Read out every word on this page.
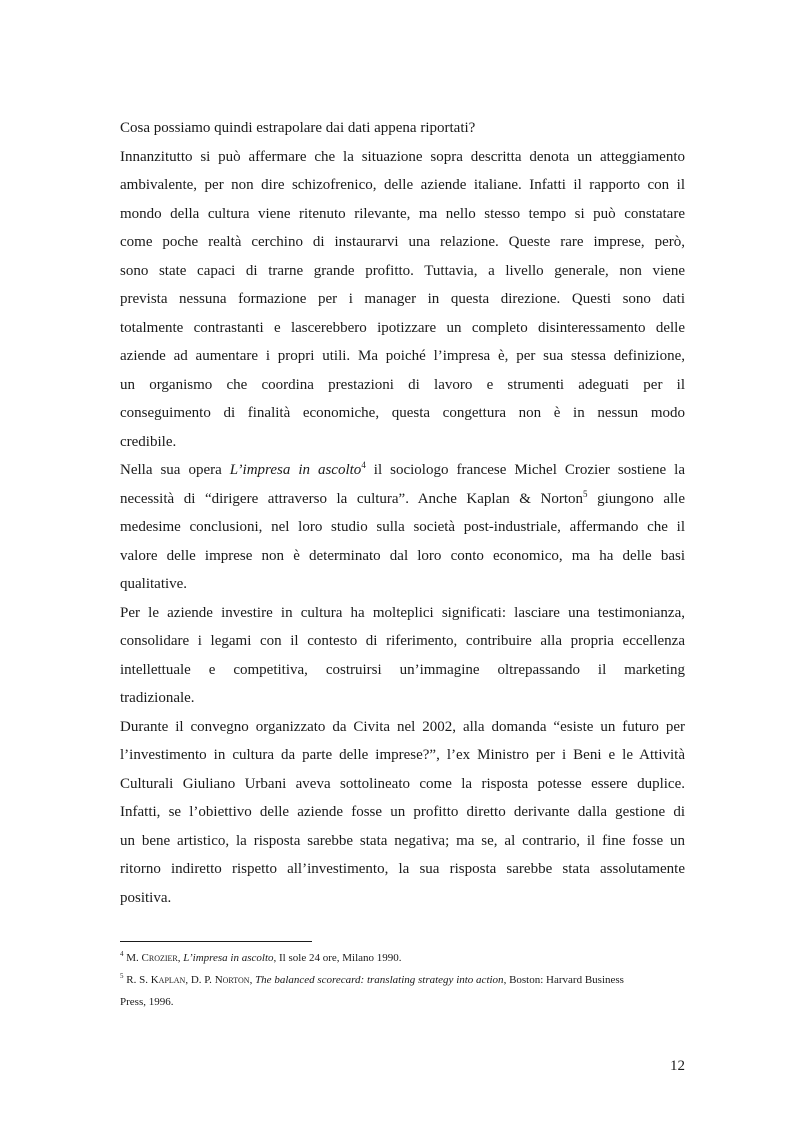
Cosa possiamo quindi estrapolare dai dati appena riportati?
Innanzitutto si può affermare che la situazione sopra descritta denota un atteggiamento
ambivalente, per non dire schizofrenico, delle aziende italiane. Infatti il rapporto con il
mondo della cultura viene ritenuto rilevante, ma nello stesso tempo si può constatare
come poche realtà cerchino di instaurarvi una relazione. Queste rare imprese, però,
sono state capaci di trarne grande profitto. Tuttavia, a livello generale, non viene
prevista nessuna formazione per i manager in questa direzione. Questi sono dati
totalmente contrastanti e lascerebbero ipotizzare un completo disinteressamento delle
aziende ad aumentare i propri utili. Ma poiché l’impresa è, per sua stessa definizione,
un organismo che coordina prestazioni di lavoro e strumenti adeguati per il
conseguimento di finalità economiche, questa congettura non è in nessun modo
credibile.
Nella sua opera L’impresa in ascolto$^4$ il sociologo francese Michel Crozier sostiene la
necessità di “dirigere attraverso la cultura”. Anche Kaplan & Norton$^5$ giungono alle
medesime conclusioni, nel loro studio sulla società post-industriale, affermando che il
valore delle imprese non è determinato dal loro conto economico, ma ha delle basi
qualitative.
Per le aziende investire in cultura ha molteplici significati: lasciare una testimonianza,
consolidare i legami con il contesto di riferimento, contribuire alla propria eccellenza
intellettuale e competitiva, costruirsi un’immagine oltrepassando il marketing
tradizionale.
Durante il convegno organizzato da Civita nel 2002, alla domanda “esiste un futuro per
l’investimento in cultura da parte delle imprese?”, l’ex Ministro per i Beni e le Attività
Culturali Giuliano Urbani aveva sottolineato come la risposta potesse essere duplice.
Infatti, se l’obiettivo delle aziende fosse un profitto diretto derivante dalla gestione di
un bene artistico, la risposta sarebbe stata negativa; ma se, al contrario, il fine fosse un
ritorno indiretto rispetto all’investimento, la sua risposta sarebbe stata assolutamente
positiva.
$^4$ M. Crozier, L’impresa in ascolto, Il sole 24 ore, Milano 1990.
$^5$ R. S. Kaplan, D. P. Norton, The balanced scorecard: translating strategy into action, Boston: Harvard Business
Press, 1996.
12
